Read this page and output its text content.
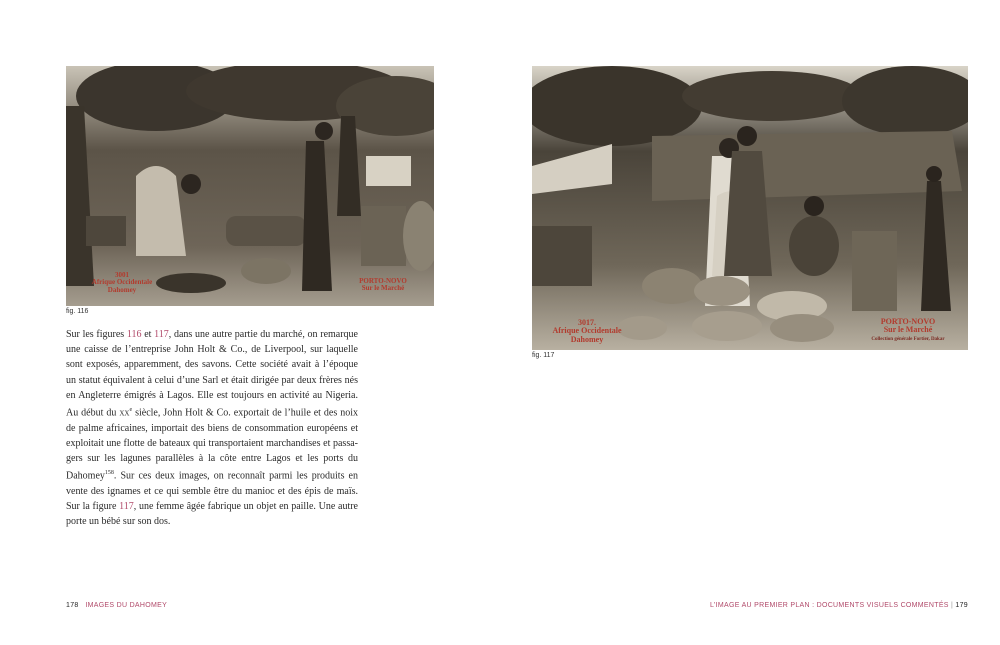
3001
Afrique Occidentale
Dahomey
PORTO-NOVO
Sur le Marché
fig. 116
3017.
Afrique Occidentale
Dahomey
PORTO-NOVO
Sur le Marché
Collection générale Fortier, Dakar
fig. 117
Sur les figures 116 et 117, dans une autre partie du marché, on remarque une caisse de l’entreprise John Holt & Co., de Liverpool, sur laquelle sont exposés, apparemment, des savons. Cette société avait à l’époque un statut équivalent à celui d’une Sarl et était dirigée par deux frères nés en Angleterre émigrés à Lagos. Elle est toujours en activité au Nigeria. Au début du $xx^e$ siècle, John Holt & Co. exportait de l’huile et des noix de palme africaines, importait des biens de consommation européens et exploitait une flotte de bateaux qui transportaient marchandises et passagers sur les lagunes parallèles à la côte entre Lagos et les ports du Dahomey$^{158}$. Sur ces deux images, on reconnaît parmi les produits en vente des ignames et ce qui semble être du manioc et des épis de maïs. Sur la figure 117, une femme âgée fabrique un objet en paille. Une autre porte un bébé sur son dos.
178 IMAGES DU DAHOMEY	L’IMAGE AU PREMIER PLAN : DOCUMENTS VISUELS COMMENTÉS | 179
